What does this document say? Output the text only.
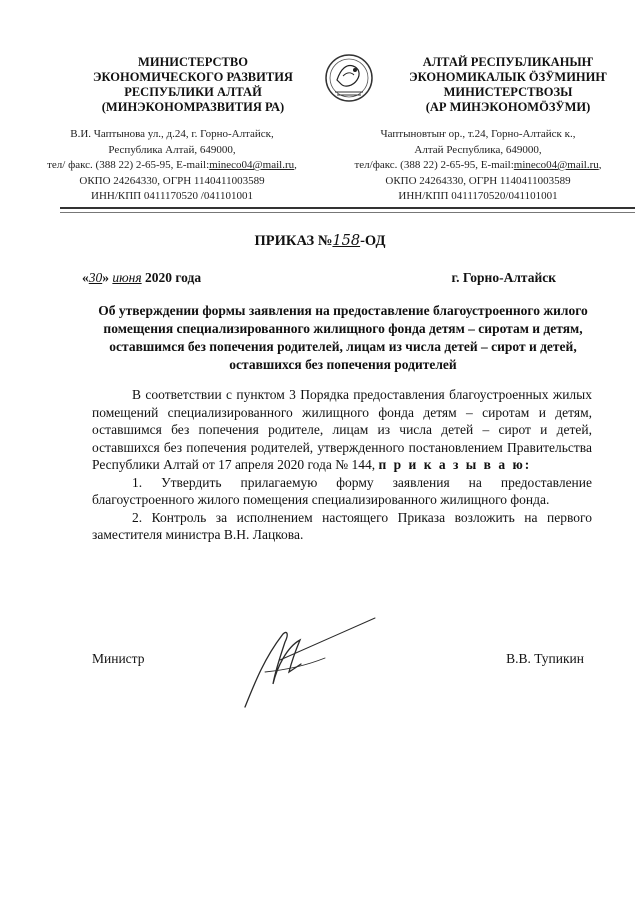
МИНИСТЕРСТВО
ЭКОНОМИЧЕСКОГО РАЗВИТИЯ
РЕСПУБЛИКИ АЛТАЙ
(МИНЭКОНОМРАЗВИТИЯ РА)
АЛТАЙ РЕСПУБЛИКАНЫҤ
ЭКОНОМИКАЛЫК ӦЗӰМИНИҤ
МИНИСТЕРСТВОЗЫ
(АР МИНЭКОНОМӦЗӰМИ)
В.И. Чаптынова ул., д.24, г. Горно-Алтайск,
Республика Алтай, 649000,
тел/ факс. (388 22) 2-65-95, E-mail:mineco04@mail.ru,
ОКПО 24264330, ОГРН 1140411003589
ИНН/КПП 0411170520 /041101001
Чаптыновтыҥ ор., т.24, Горно-Алтайск к.,
Алтай Республика, 649000,
тел/факс. (388 22) 2-65-95, E-mail:mineco04@mail.ru,
ОКПО 24264330, ОГРН 1140411003589
ИНН/КПП 0411170520/041101001
ПРИКАЗ №158-ОД
«30» июня 2020 года	г. Горно-Алтайск
Об утверждении формы заявления на предоставление благоустроенного жилого помещения специализированного жилищного фонда детям – сиротам и детям, оставшимся без попечения родителей, лицам из числа детей – сирот и детей, оставшихся без попечения родителей

В соответствии с пунктом 3 Порядка предоставления благоустроенных жилых помещений специализированного жилищного фонда детям – сиротам и детям, оставшимся без попечения родителе, лицам из числа детей – сирот и детей, оставшихся без попечения родителей, утвержденного постановлением Правительства Республики Алтай от 17 апреля 2020 года № 144, п р и к а з ы в а ю:

1. Утвердить прилагаемую форму заявления на предоставление благоустроенного жилого помещения специализированного жилищного фонда.

2. Контроль за исполнением настоящего Приказа возложить на первого заместителя министра В.Н. Лацкова.

Министр	В.В. Тупикин
